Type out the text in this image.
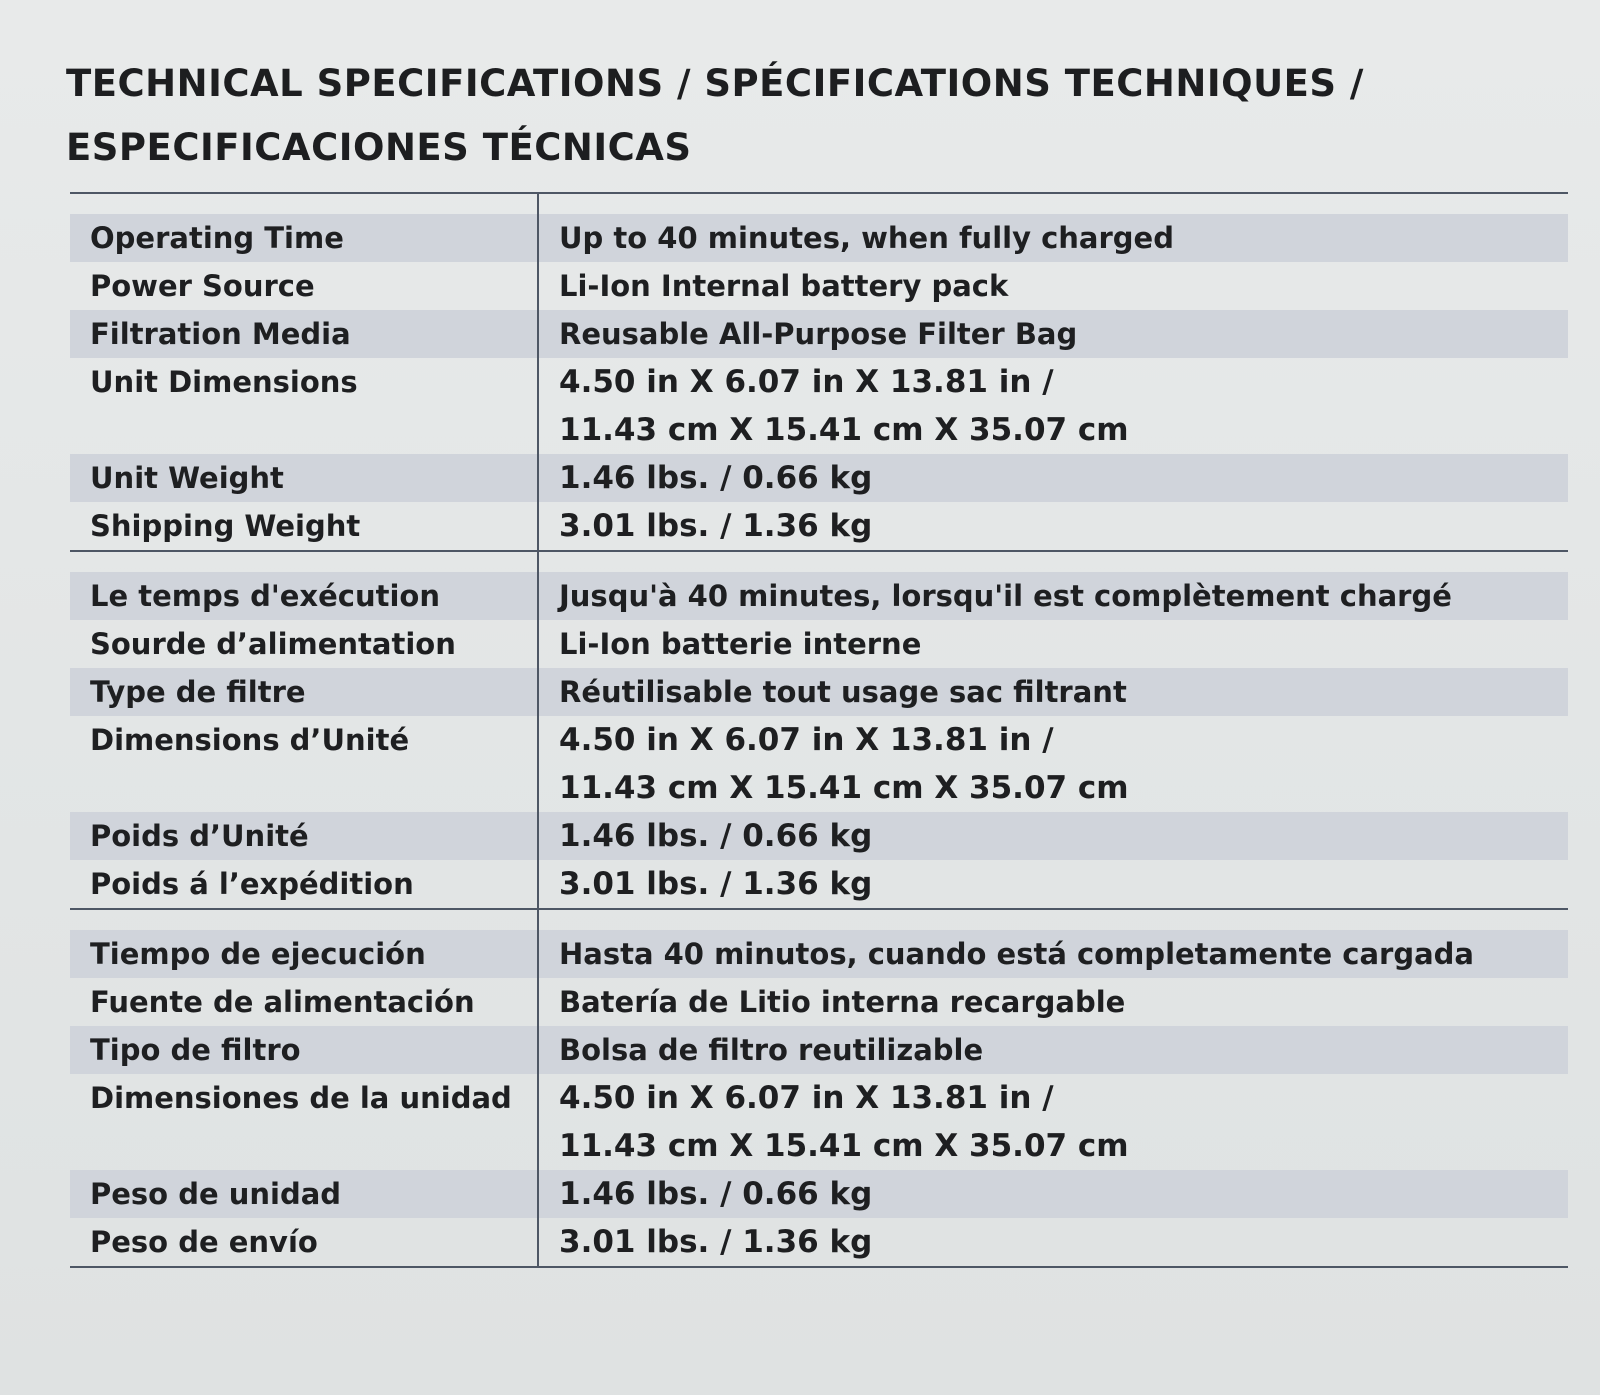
TECHNICAL SPECIFICATIONS / SPÉCIFICATIONS TECHNIQUES /
ESPECIFICACIONES TÉCNICAS
Operating Time	Up to 40 minutes, when fully charged
Power Source	Li-Ion Internal battery pack
Filtration Media	Reusable All-Purpose Filter Bag
Unit Dimensions	4.50 in X 6.07 in X 13.81 in /
11.43 cm X 15.41 cm X 35.07 cm
Unit Weight	1.46 lbs. / 0.66 kg
Shipping Weight	3.01 lbs. / 1.36 kg
Le temps d'exécution	Jusqu'à 40 minutes, lorsqu'il est complètement chargé
Sourde d’alimentation	Li-Ion batterie interne
Type de filtre	Réutilisable tout usage sac filtrant
Dimensions d’Unité	4.50 in X 6.07 in X 13.81 in /
11.43 cm X 15.41 cm X 35.07 cm
Poids d’Unité	1.46 lbs. / 0.66 kg
Poids á l’expédition	3.01 lbs. / 1.36 kg
Tiempo de ejecución	Hasta 40 minutos, cuando está completamente cargada
Fuente de alimentación	Batería de Litio interna recargable
Tipo de filtro	Bolsa de filtro reutilizable
Dimensiones de la unidad	4.50 in X 6.07 in X 13.81 in /
11.43 cm X 15.41 cm X 35.07 cm
Peso de unidad	1.46 lbs. / 0.66 kg
Peso de envío	3.01 lbs. / 1.36 kg
